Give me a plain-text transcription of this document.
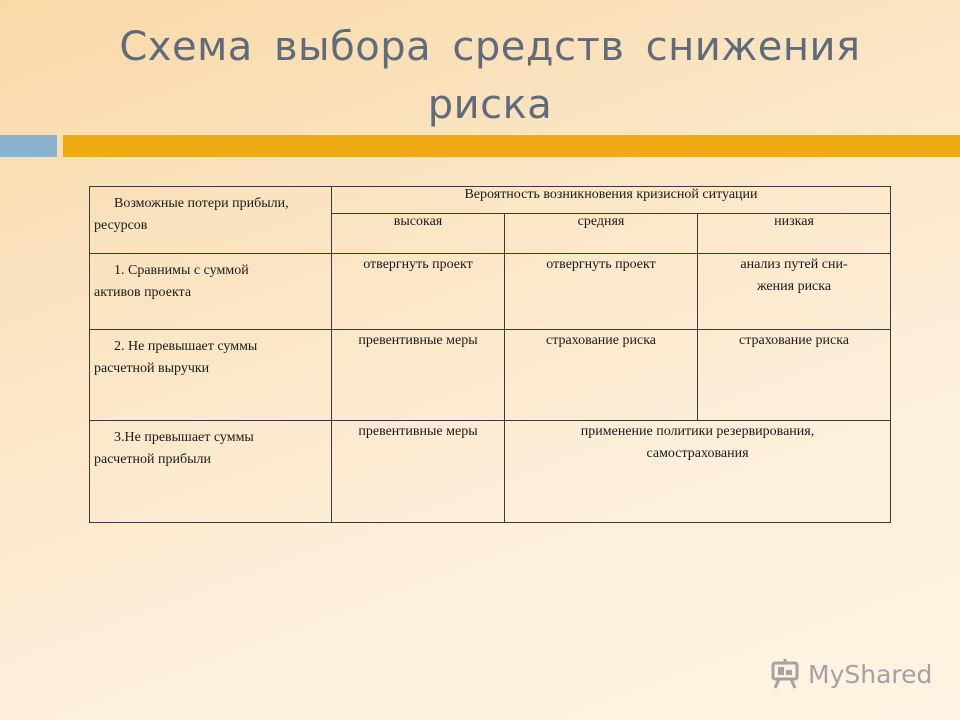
Схема выбора средств снижения
риска
Возможные потери прибыли,
ресурсов	Вероятность возникновения кризисной ситуации		
	высокая	средняя	низкая

1. Сравнимы с суммой
активов проекта	отвергнуть проект	отвергнуть проект	анализ путей сни-
жения риска

2. Не превышает суммы
расчетной выручки	превентивные меры	страхование риска	страхование риска

3.Не превышает суммы
расчетной прибыли	превентивные меры	применение политики резервирования,
самострахования	
MyShared
